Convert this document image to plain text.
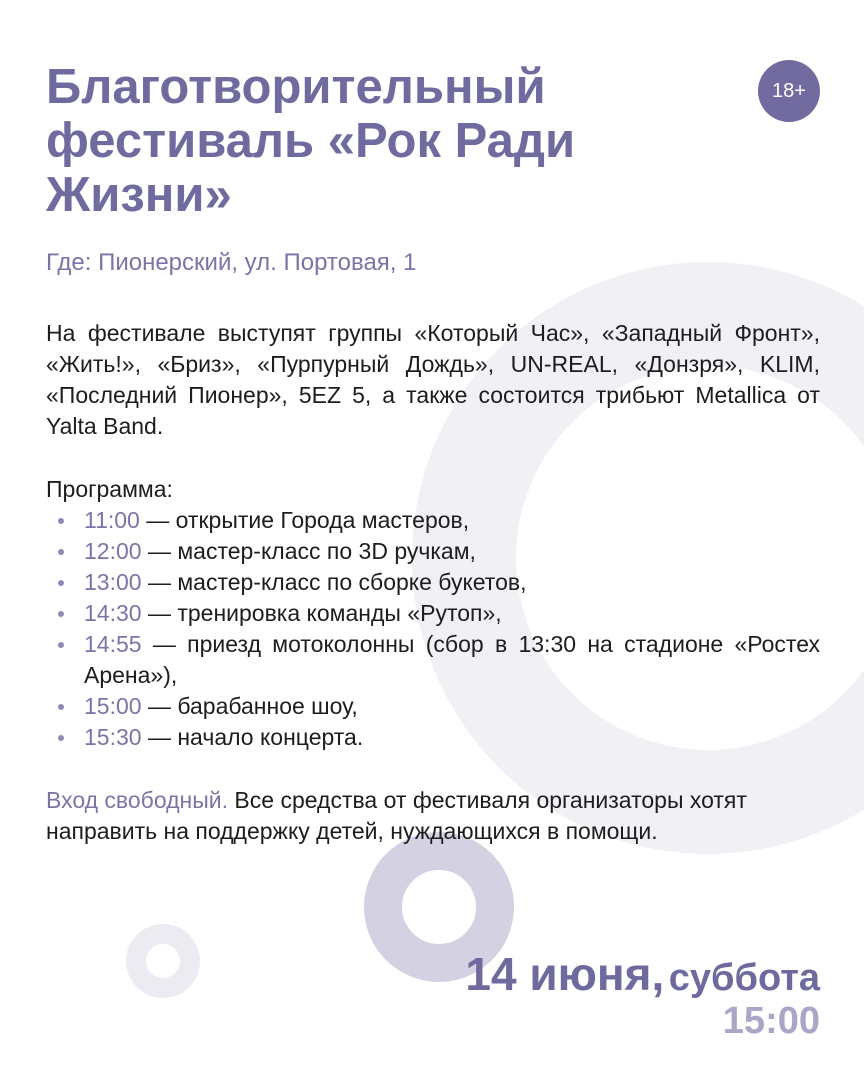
Благотворительный фестиваль «Рок Ради Жизни»
18+
Где: Пионерский, ул. Портовая, 1

На фестивале выступят группы «Который Час», «Западный Фронт», «Жить!», «Бриз», «Пурпурный Дождь», UN-REAL, «Донзря», KLIM, «Последний Пионер», 5EZ 5, а также состоится трибьют Metallica от Yalta Band.

Программа:
11:00 — открытие Города мастеров,
12:00 — мастер-класс по 3D ручкам,
13:00 — мастер-класс по сборке букетов,
14:30 — тренировка команды «Рутоп»,
14:55 — приезд мотоколонны (сбор в 13:30 на стадионе «Ростех Арена»),
15:00 — барабанное шоу,
15:30 — начало концерта.

Вход свободный. Все средства от фестиваля организаторы хотят направить на поддержку детей, нуждающихся в помощи.

14 июня, суббота
15:00
